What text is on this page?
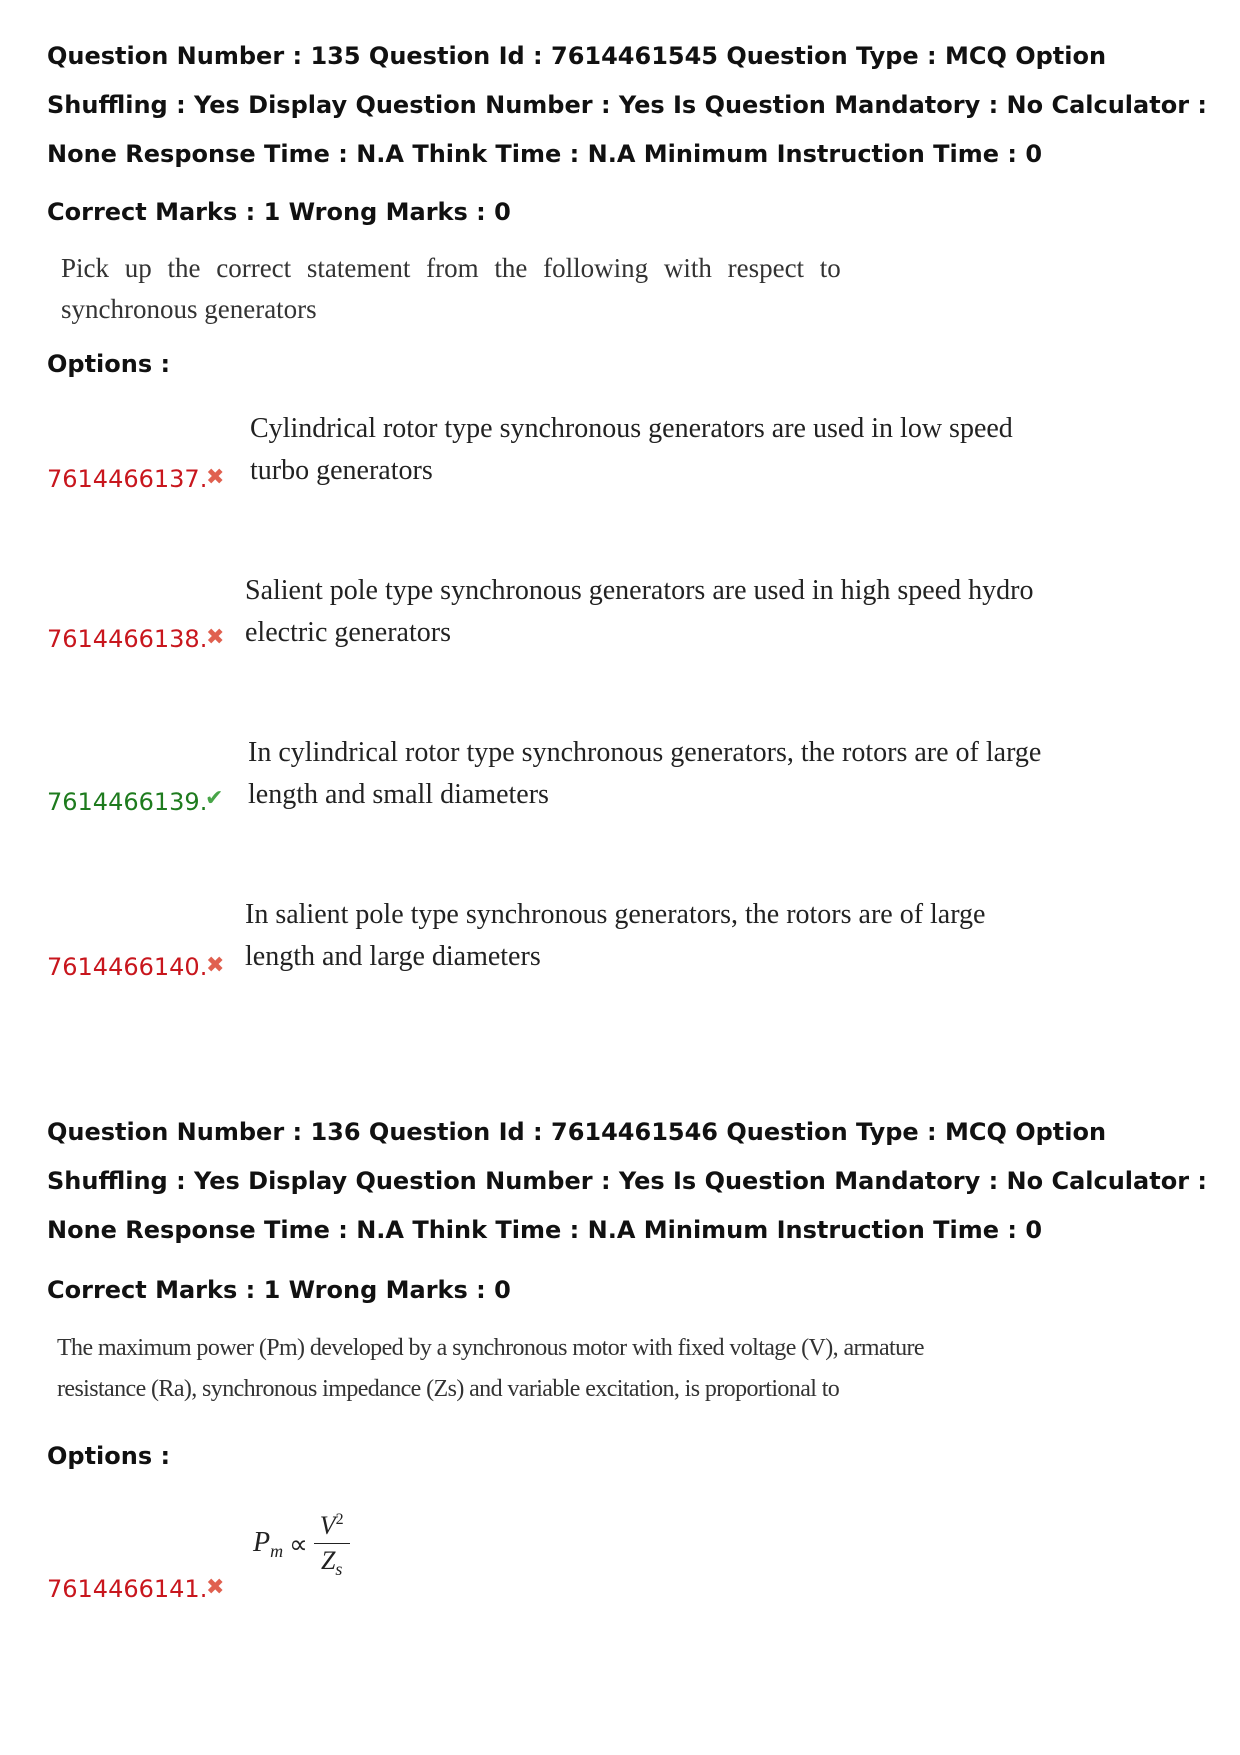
Question Number : 135 Question Id : 7614461545 Question Type : MCQ Option Shuffling : Yes Display Question Number : Yes Is Question Mandatory : No Calculator : None Response Time : N.A Think Time : N.A Minimum Instruction Time : 0
Correct Marks : 1 Wrong Marks : 0
Pick up the correct statement from the following with respect to
synchronous generators
Options :
7614466137.
✖
Cylindrical rotor type synchronous generators are used in low speed
turbo generators
7614466138.
✖
Salient pole type synchronous generators are used in high speed hydro
electric generators
7614466139.
✔
In cylindrical rotor type synchronous generators, the rotors are of large
length and small diameters
7614466140.
✖
In salient pole type synchronous generators, the rotors are of large
length and large diameters
Question Number : 136 Question Id : 7614461546 Question Type : MCQ Option Shuffling : Yes Display Question Number : Yes Is Question Mandatory : No Calculator : None Response Time : N.A Think Time : N.A Minimum Instruction Time : 0
Correct Marks : 1 Wrong Marks : 0
The maximum power (Pm) developed by a synchronous motor with fixed voltage (V), armature
resistance (Ra), synchronous impedance (Zs) and variable excitation, is proportional to
Options :
7614466141.
✖
$P_m \propto \frac{V^2}{Z_s}$
